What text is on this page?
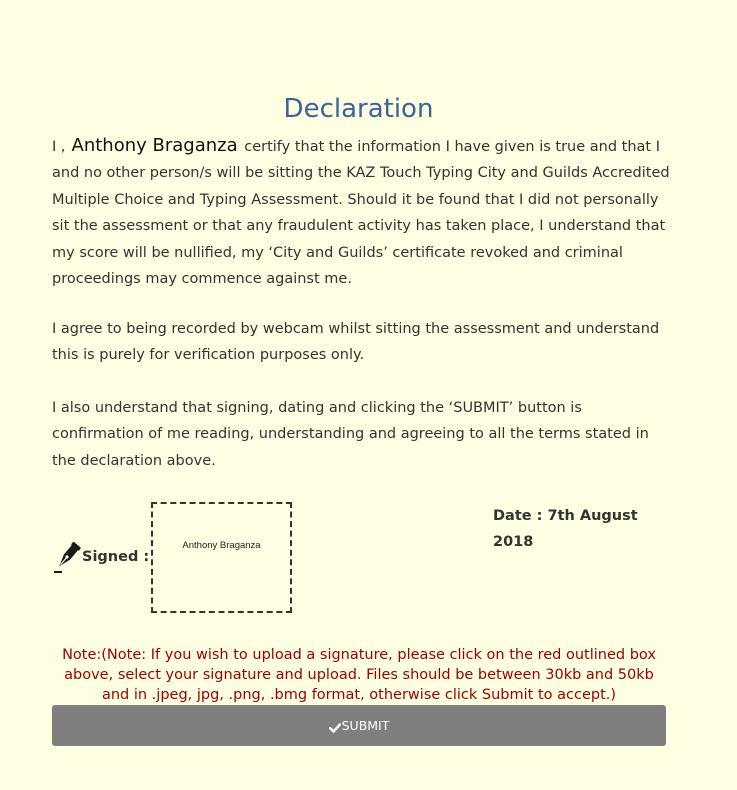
Declaration

I , Anthony Braganza certify that the information I have given is true and that I and no other person/s will be sitting the KAZ Touch Typing City and Guilds Accredited Multiple Choice and Typing Assessment. Should it be found that I did not personally sit the assessment or that any fraudulent activity has taken place, I understand that my score will be nullified, my ‘City and Guilds’ certificate revoked and criminal proceedings may commence against me.

I agree to being recorded by webcam whilst sitting the assessment and understand this is purely for verification purposes only.

I also understand that signing, dating and clicking the ‘SUBMIT’ button is confirmation of me reading, understanding and agreeing to all the terms stated in the declaration above.

Signed :
Anthony Braganza
Date : 7th August 2018

Note:(Note: If you wish to upload a signature, please click on the red outlined box above, select your signature and upload. Files should be between 30kb and 50kb and in .jpeg, jpg, .png, .bmg format, otherwise click Submit to accept.)

SUBMIT
